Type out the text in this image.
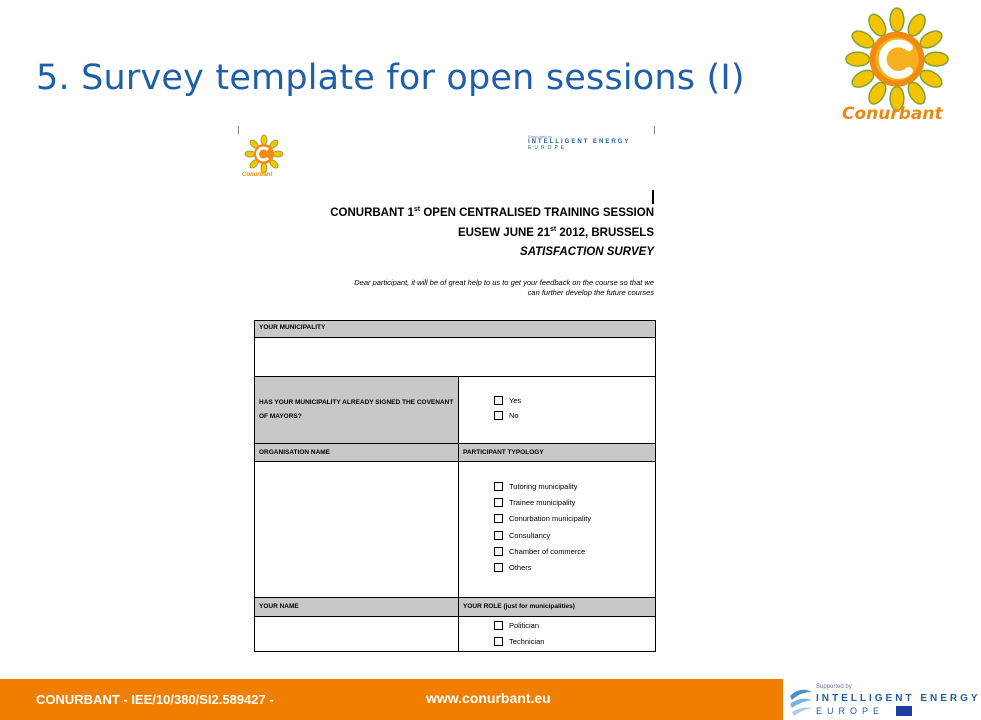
5. Survey template for open sessions (I)
Conurbant
Conurbant
Supported by
INTELLIGENT ENERGY
EUROPE
CONURBANT 1st OPEN CENTRALISED TRAINING SESSION
EUSEW JUNE 21st 2012, BRUSSELS
SATISFACTION SURVEY
Dear participant, it will be of great help to us to get your feedback on the course so that we can further develop the future courses
YOUR MUNICIPALITY
HAS YOUR MUNICIPALITY ALREADY SIGNED THE COVENANT OF MAYORS?
Yes
No
ORGANISATION NAME	PARTICIPANT TYPOLOGY
Tutoring municipality
Trainee municipality
Conurbation municipality
Consultancy
Chamber of commerce
Others
YOUR NAME	YOUR ROLE (just for municipalities)
Politician
Technician
CONURBANT - IEE/10/380/SI2.589427 -	www.conurbant.eu
Supported by
INTELLIGENT ENERGY
EUROPE
